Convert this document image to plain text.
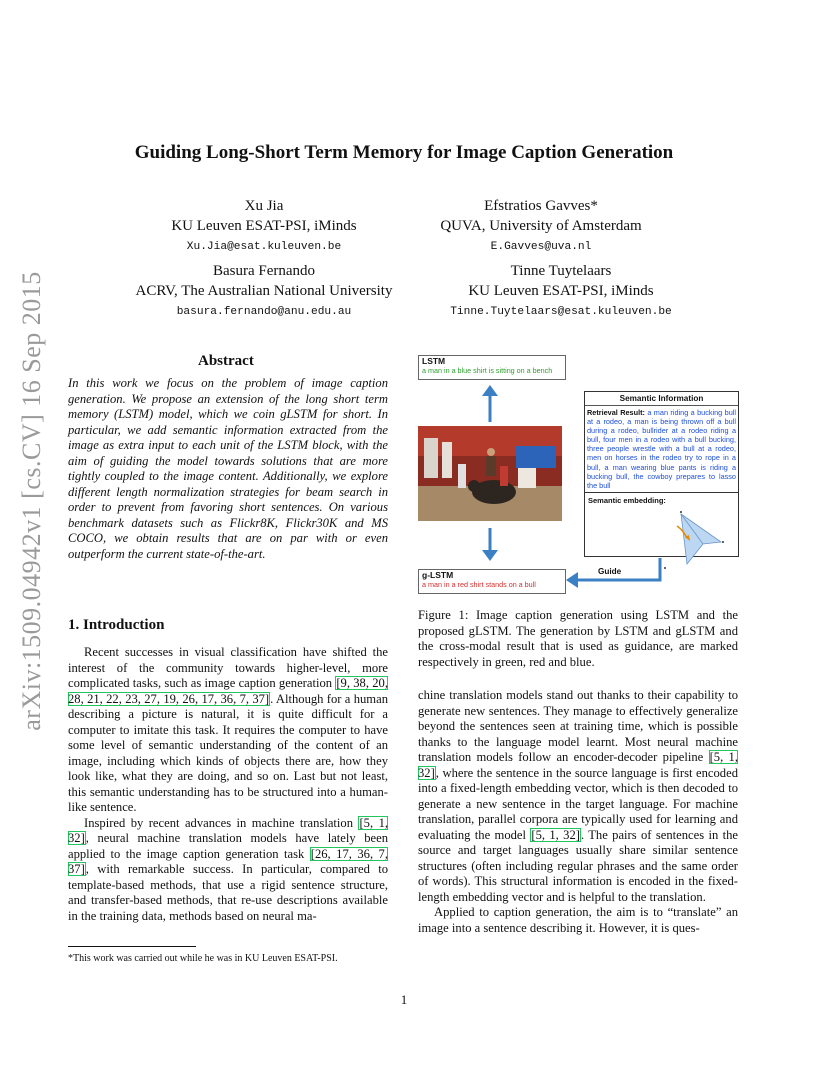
arXiv:1509.04942v1 [cs.CV] 16 Sep 2015
Guiding Long-Short Term Memory for Image Caption Generation
Xu Jia
KU Leuven ESAT-PSI, iMinds
Xu.Jia@esat.kuleuven.be
Efstratios Gavves*
QUVA, University of Amsterdam
E.Gavves@uva.nl
Basura Fernando
ACRV, The Australian National University
basura.fernando@anu.edu.au
Tinne Tuytelaars
KU Leuven ESAT-PSI, iMinds
Tinne.Tuytelaars@esat.kuleuven.be
Abstract
In this work we focus on the problem of image caption generation. We propose an extension of the long short term memory (LSTM) model, which we coin gLSTM for short. In particular, we add semantic information extracted from the image as extra input to each unit of the LSTM block, with the aim of guiding the model towards solutions that are more tightly coupled to the image content. Additionally, we explore different length normalization strategies for beam search in order to prevent from favoring short sentences. On various benchmark datasets such as Flickr8K, Flickr30K and MS COCO, we obtain results that are on par with or even outperform the current state-of-the-art.
1. Introduction

Recent successes in visual classification have shifted the interest of the community towards higher-level, more complicated tasks, such as image caption generation [9, 38, 20, 28, 21, 22, 23, 27, 19, 26, 17, 36, 7, 37]. Although for a human describing a picture is natural, it is quite difficult for a computer to imitate this task. It requires the computer to have some level of semantic understanding of the content of an image, including which kinds of objects there are, how they look like, what they are doing, and so on. Last but not least, this semantic understanding has to be structured into a human-like sentence.

Inspired by recent advances in machine translation [5, 1, 32], neural machine translation models have lately been applied to the image caption generation task [26, 17, 36, 7, 37], with remarkable success. In particular, compared to template-based methods, that use a rigid sentence structure, and transfer-based methods, that re-use descriptions available in the training data, methods based on neural ma-

*This work was carried out while he was in KU Leuven ESAT-PSI.
LSTM
a man in a blue shirt is sitting on a bench
Semantic Information
Retrieval Result: a man riding a bucking bull at a rodeo, a man is being thrown off a bull during a rodeo, bullrider at a rodeo riding a bull, four men in a rodeo with a bull bucking, three people wrestle with a bull at a rodeo, men on horses in the rodeo try to rope in a bull, a man wearing blue pants is riding a bucking bull, the cowboy prepares to lasso the bull
Semantic embedding:
Guide
g-LSTM
a man in a red shirt stands on a bull
Figure 1: Image caption generation using LSTM and the proposed gLSTM. The generation by LSTM and gLSTM and the cross-modal result that is used as guidance, are marked respectively in green, red and blue.

chine translation models stand out thanks to their capability to generate new sentences. They manage to effectively generalize beyond the sentences seen at training time, which is possible thanks to the language model learnt. Most neural machine translation models follow an encoder-decoder pipeline [5, 1, 32], where the sentence in the source language is first encoded into a fixed-length embedding vector, which is then decoded to generate a new sentence in the target language. For machine translation, parallel corpora are typically used for learning and evaluating the model [5, 1, 32]. The pairs of sentences in the source and target languages usually share similar sentence structures (often including regular phrases and the same order of words). This structural information is encoded in the fixed-length embedding vector and is helpful to the translation.

Applied to caption generation, the aim is to “translate” an image into a sentence describing it. However, it is ques-

1
